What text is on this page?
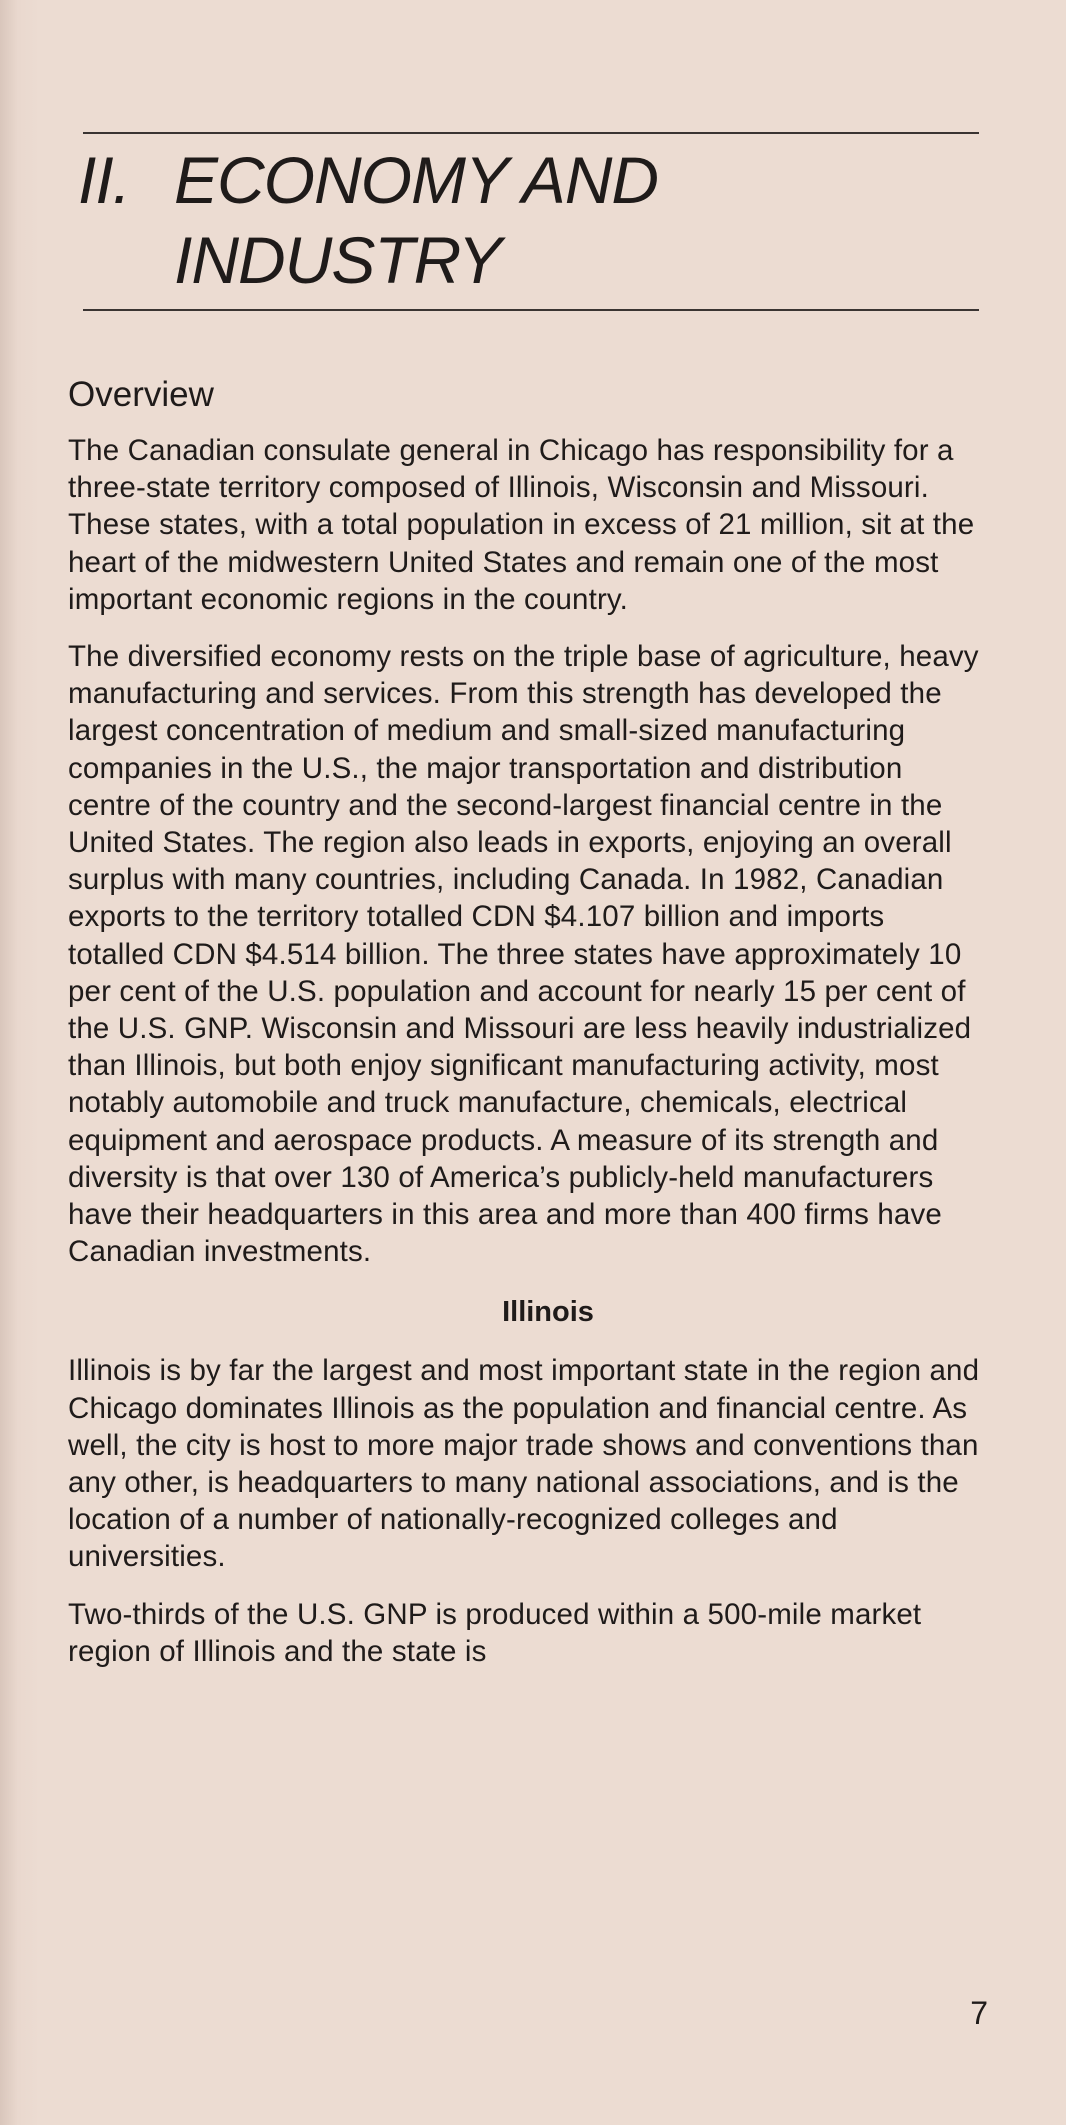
II. ECONOMY AND
INDUSTRY
Overview

The Canadian consulate general in Chicago has responsibility for a three-state territory composed of Illinois, Wisconsin and Missouri. These states, with a total population in excess of 21 million, sit at the heart of the midwestern United States and remain one of the most important economic regions in the country.

The diversified economy rests on the triple base of agriculture, heavy manufacturing and services. From this strength has developed the largest concentration of medium and small-sized manufacturing companies in the U.S., the major transportation and distribution centre of the country and the second-largest financial centre in the United States. The region also leads in exports, enjoying an overall surplus with many countries, including Canada. In 1982, Canadian exports to the territory totalled CDN $4.107 billion and imports totalled CDN $4.514 billion. The three states have approximately 10 per cent of the U.S. population and account for nearly 15 per cent of the U.S. GNP. Wisconsin and Missouri are less heavily industrialized than Illinois, but both enjoy significant manufacturing activity, most notably automobile and truck manufacture, chemicals, electrical equipment and aerospace products. A measure of its strength and diversity is that over 130 of America’s publicly-held manufacturers have their headquarters in this area and more than 400 firms have Canadian investments.

Illinois

Illinois is by far the largest and most important state in the region and Chicago dominates Illinois as the population and financial centre. As well, the city is host to more major trade shows and conventions than any other, is headquarters to many national associations, and is the location of a number of nationally-recognized colleges and universities.

Two-thirds of the U.S. GNP is produced within a 500-mile market region of Illinois and the state is

7
